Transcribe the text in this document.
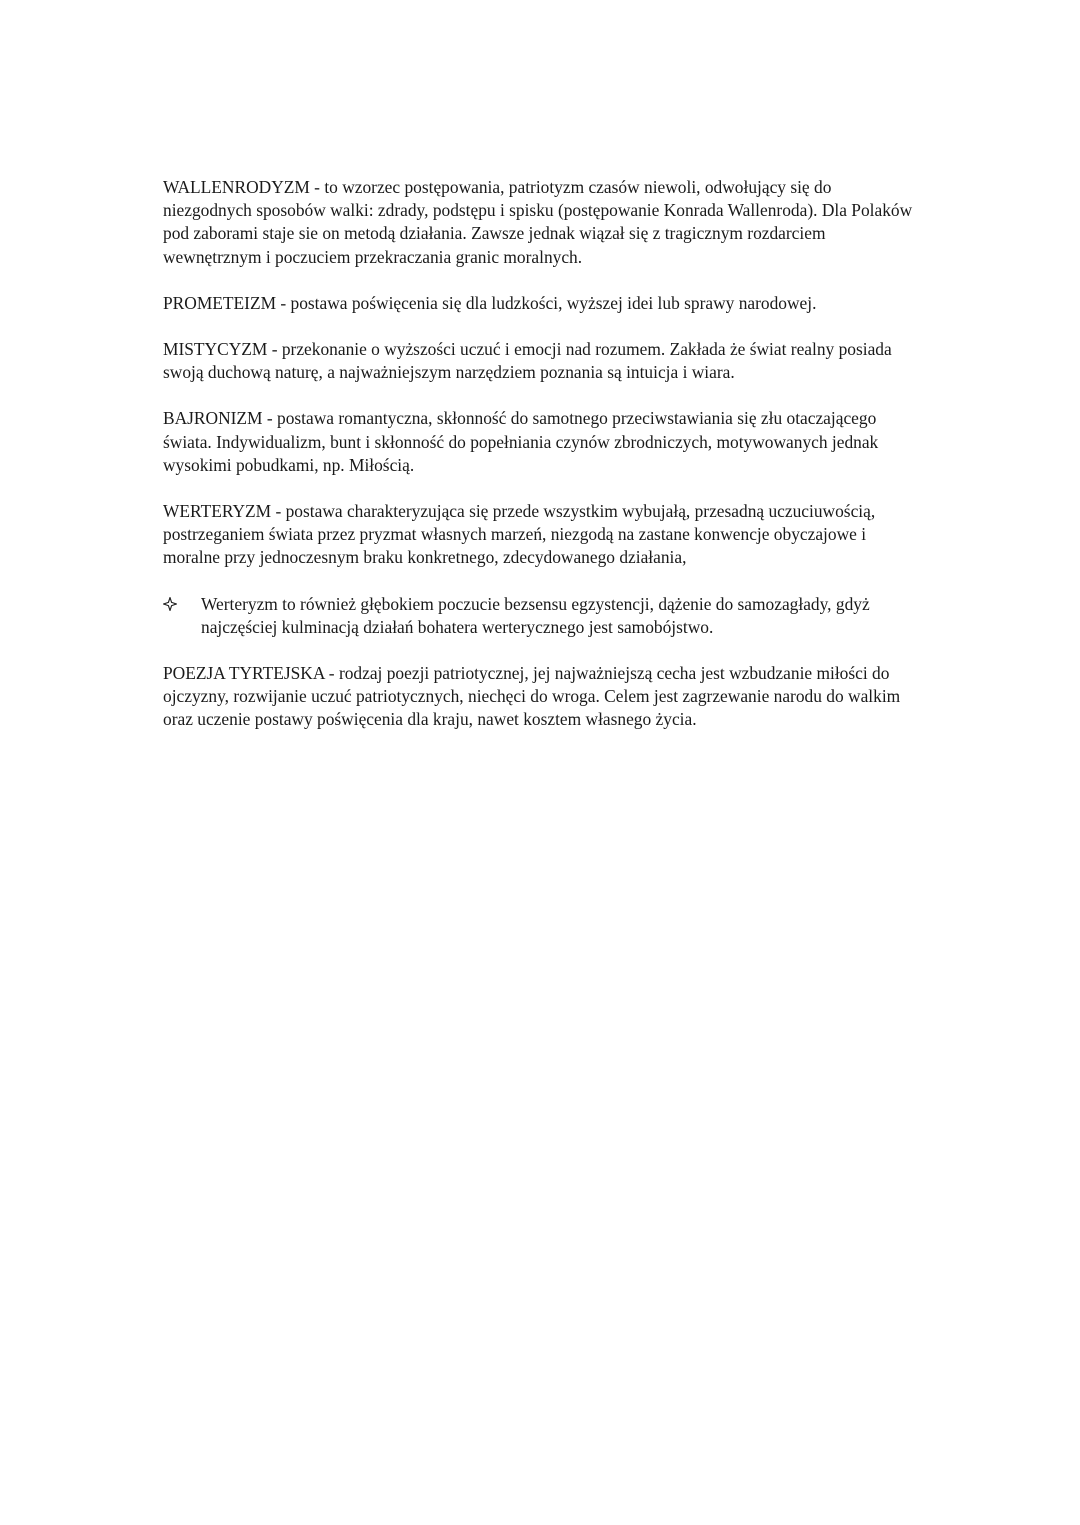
WALLENRODYZM - to wzorzec postępowania, patriotyzm czasów niewoli, odwołujący się do niezgodnych sposobów walki: zdrady, podstępu i spisku (postępowanie Konrada Wallenroda). Dla Polaków pod zaborami staje sie on metodą działania. Zawsze jednak wiązał się z tragicznym rozdarciem wewnętrznym i poczuciem przekraczania granic moralnych.

PROMETEIZM - postawa poświęcenia się dla ludzkości, wyższej idei lub sprawy narodowej.

MISTYCYZM - przekonanie o wyższości uczuć i emocji nad rozumem. Zakłada że świat realny posiada swoją duchową naturę, a najważniejszym narzędziem poznania są intuicja i wiara.

BAJRONIZM - postawa romantyczna, skłonność do samotnego przeciwstawiania się złu otaczającego świata. Indywidualizm, bunt i skłonność do popełniania czynów zbrodniczych, motywowanych jednak wysokimi pobudkami, np. Miłością.

WERTERYZM - postawa charakteryzująca się przede wszystkim wybujałą, przesadną uczuciuwością, postrzeganiem świata przez pryzmat własnych marzeń, niezgodą na zastane konwencje obyczajowe i moralne przy jednoczesnym braku konkretnego, zdecydowanego działania,

Werteryzm to również głębokiem poczucie bezsensu egzystencji, dążenie do samozagłady, gdyż najczęściej kulminacją działań bohatera werterycznego jest samobójstwo.

POEZJA TYRTEJSKA - rodzaj poezji patriotycznej, jej najważniejszą cecha jest wzbudzanie miłości do ojczyzny, rozwijanie uczuć patriotycznych, niechęci do wroga. Celem jest zagrzewanie narodu do walkim oraz uczenie postawy poświęcenia dla kraju, nawet kosztem własnego życia.
